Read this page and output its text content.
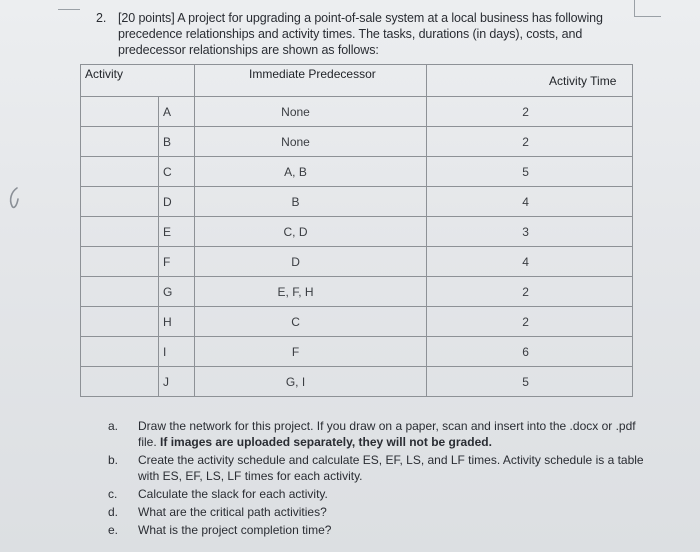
2. [20 points] A project for upgrading a point-of-sale system at a local business has following
precedence relationships and activity times. The tasks, durations (in days), costs, and
predecessor relationships are shown as follows:
Activity		Immediate Predecessor	Activity Time
	A	None	2
	B	None	2
	C	A, B	5
	D	B	4
	E	C, D	3
	F	D	4
	G	E, F, H	2
	H	C	2
	I	F	6
	J	G, I	5
a.	Draw the network for this project. If you draw on a paper, scan and insert into the .docx or .pdf file. If images are uploaded separately, they will not be graded.
b.	Create the activity schedule and calculate ES, EF, LS, and LF times. Activity schedule is a table with ES, EF, LS, LF times for each activity.
c.	Calculate the slack for each activity.
d.	What are the critical path activities?
e.	What is the project completion time?
